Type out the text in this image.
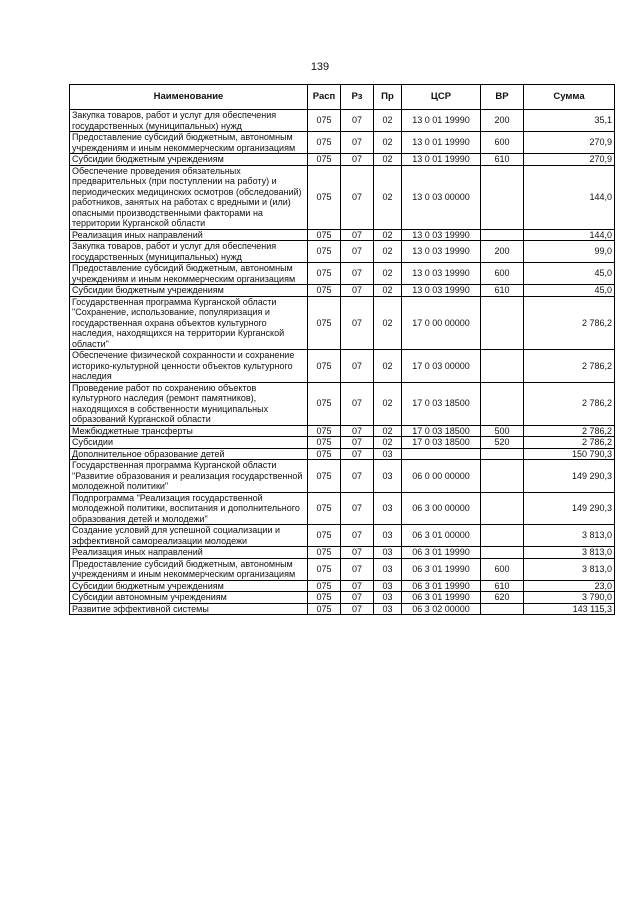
139
Наименование	Расп	Рз	Пр	ЦСР	ВР	Сумма
Закупка товаров, работ и услуг для обеспечения государственных (муниципальных) нужд	075	07	02	13 0 01 19990	200	35,1
Предоставление субсидий бюджетным, автономным учреждениям и иным некоммерческим организациям	075	07	02	13 0 01 19990	600	270,9
Субсидии бюджетным учреждениям	075	07	02	13 0 01 19990	610	270,9
Обеспечение проведения обязательных предварительных (при поступлении на работу) и периодических медицинских осмотров (обследований) работников, занятых на работах с вредными и (или) опасными производственными факторами на территории Курганской области	075	07	02	13 0 03 00000		144,0
Реализация иных направлений	075	07	02	13 0 03 19990		144,0
Закупка товаров, работ и услуг для обеспечения государственных (муниципальных) нужд	075	07	02	13 0 03 19990	200	99,0
Предоставление субсидий бюджетным, автономным учреждениям и иным некоммерческим организациям	075	07	02	13 0 03 19990	600	45,0
Субсидии бюджетным учреждениям	075	07	02	13 0 03 19990	610	45,0
Государственная программа Курганской области "Сохранение, использование, популяризация и государственная охрана объектов культурного наследия, находящихся на территории Курганской области"	075	07	02	17 0 00 00000		2 786,2
Обеспечение физической сохранности и сохранение историко-культурной ценности объектов культурного наследия	075	07	02	17 0 03 00000		2 786,2
Проведение работ по сохранению объектов культурного наследия (ремонт памятников), находящихся в собственности муниципальных образований Курганской области	075	07	02	17 0 03 18500		2 786,2
Межбюджетные трансферты	075	07	02	17 0 03 18500	500	2 786,2
Субсидии	075	07	02	17 0 03 18500	520	2 786,2
Дополнительное образование детей	075	07	03			150 790,3
Государственная программа Курганской области "Развитие образования и реализация государственной молодежной политики"	075	07	03	06 0 00 00000		149 290,3
Подпрограмма "Реализация государственной молодежной политики, воспитания и дополнительного образования детей и молодежи"	075	07	03	06 3 00 00000		149 290,3
Создание условий для успешной социализации и эффективной самореализации молодежи	075	07	03	06 3 01 00000		3 813,0
Реализация иных направлений	075	07	03	06 3 01 19990		3 813,0
Предоставление субсидий бюджетным, автономным учреждениям и иным некоммерческим организациям	075	07	03	06 3 01 19990	600	3 813,0
Субсидии бюджетным учреждениям	075	07	03	06 3 01 19990	610	23,0
Субсидии автономным учреждениям	075	07	03	06 3 01 19990	620	3 790,0
Развитие эффективной системы	075	07	03	06 3 02 00000		143 115,3
